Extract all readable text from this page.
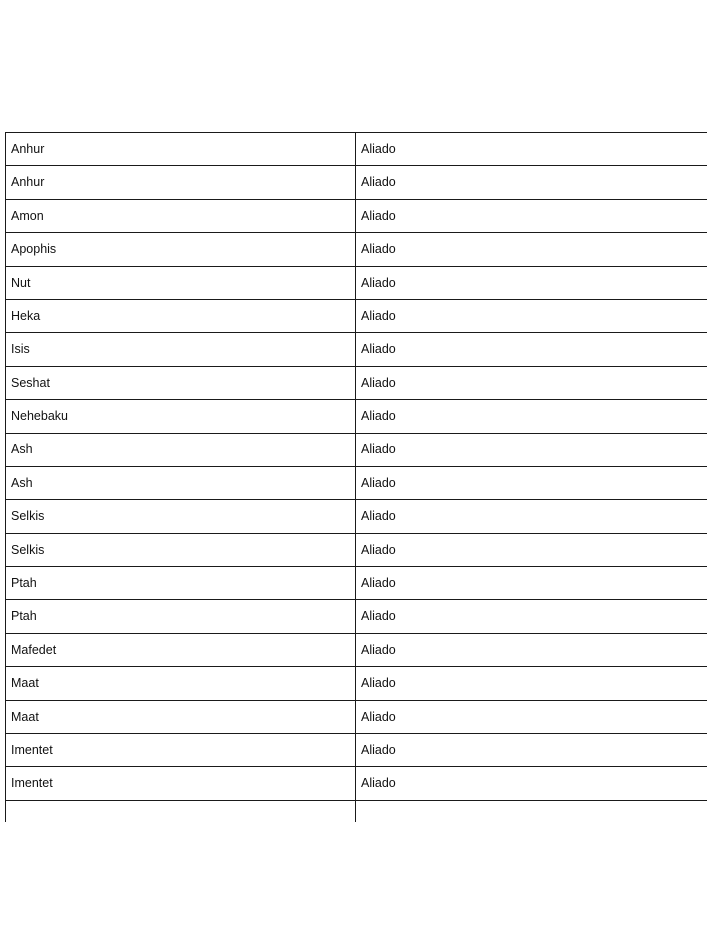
Anhur	Aliado
Anhur	Aliado
Amon	Aliado
Apophis	Aliado
Nut	Aliado
Heka	Aliado
Isis	Aliado
Seshat	Aliado
Nehebaku	Aliado
Ash	Aliado
Ash	Aliado
Selkis	Aliado
Selkis	Aliado
Ptah	Aliado
Ptah	Aliado
Mafedet	Aliado
Maat	Aliado
Maat	Aliado
Imentet	Aliado
Imentet	Aliado
